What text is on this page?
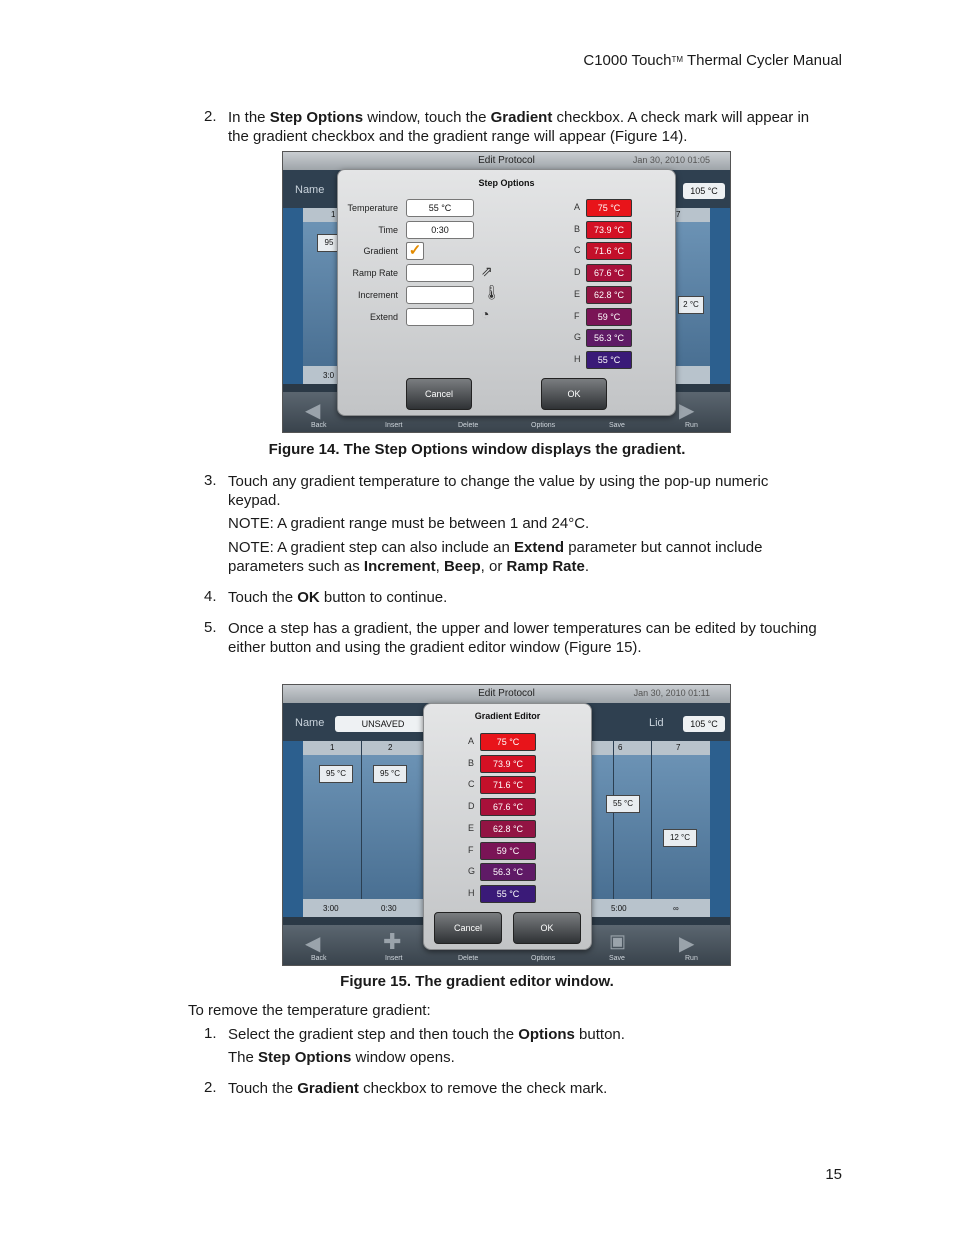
C1000 Touch™ Thermal Cycler Manual
2. In the Step Options window, touch the Gradient checkbox. A check mark will appear in
the gradient checkbox and the gradient range will appear (Figure 14).
Edit Protocol	Jan 30, 2010 01:05
Name	105 °C
1	7
95
2 °C
3:0
◀
Back	Insert	Delete	Options	Save
▶
Run
Step Options
Temperature	55 °C
Time	0:30
Gradient ✓
Ramp Rate
Increment
Extend
⇗
🌡
◔
A	75 °C
B	73.9 °C
C	71.6 °C
D	67.6 °C
E	62.8 °C
F	59 °C
G	56.3 °C
H	55 °C
Cancel	OK
Figure 14. The Step Options window displays the gradient.
3. Touch any gradient temperature to change the value by using the pop-up numeric
keypad.
NOTE: A gradient range must be between 1 and 24°C.
NOTE: A gradient step can also include an Extend parameter but cannot include
parameters such as Increment, Beep, or Ramp Rate.
4. Touch the OK button to continue.
5. Once a step has a gradient, the upper and lower temperatures can be edited by touching
either button and using the gradient editor window (Figure 15).
Edit Protocol	Jan 30, 2010 01:11
Name	UNSAVED	Lid	105 °C
1	2	6	7
95 °C	95 °C
55 °C
12 °C
3:00	0:30	5:00	∞
◀
Back
✚
Insert	Delete	Options
▣
Save
▶
Run
Gradient Editor
A	75 °C
B	73.9 °C
C	71.6 °C
D	67.6 °C
E	62.8 °C
F	59 °C
G	56.3 °C
H	55 °C
Cancel	OK
Figure 15. The gradient editor window.
To remove the temperature gradient:
1. Select the gradient step and then touch the Options button.
The Step Options window opens.
2. Touch the Gradient checkbox to remove the check mark.
15
